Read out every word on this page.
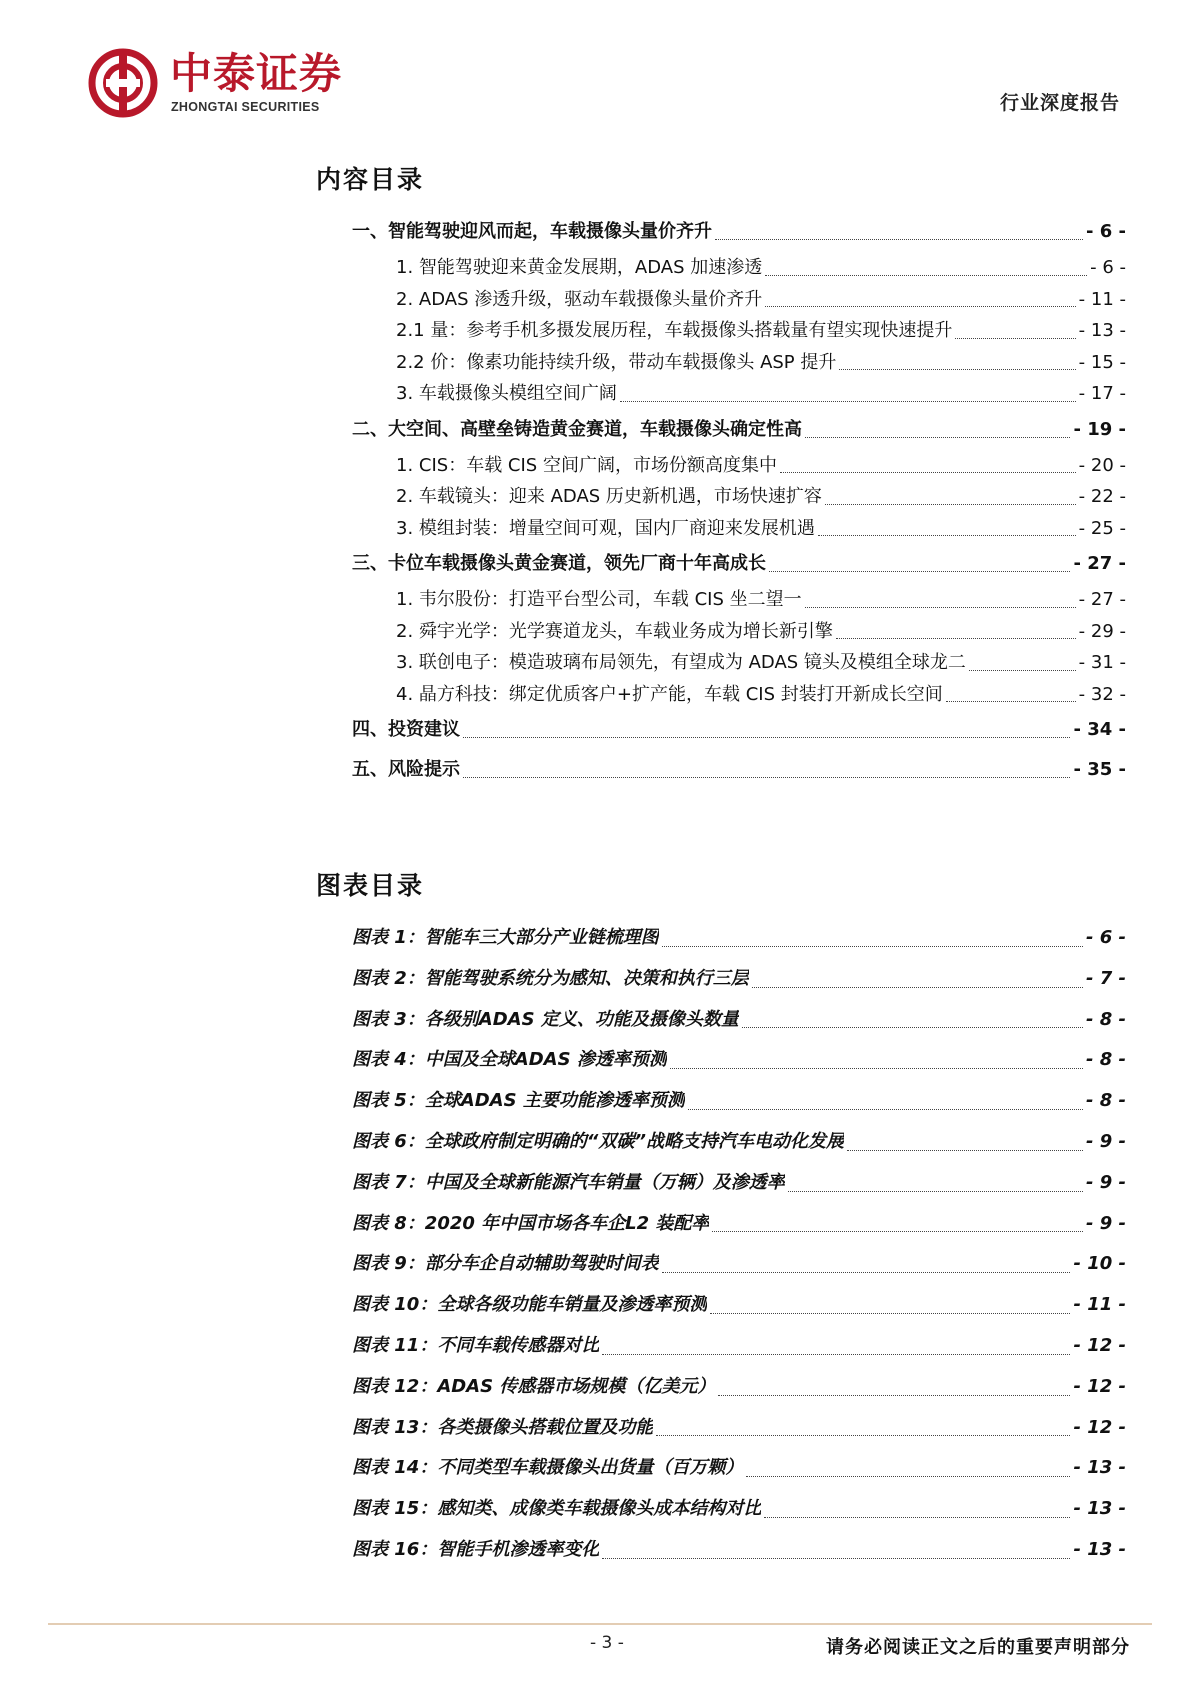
中泰证券
ZHONGTAI SECURITIES	行业深度报告
内容目录
一、智能驾驶迎风而起，车载摄像头量价齐升	- 6 -
1. 智能驾驶迎来黄金发展期，ADAS 加速渗透	- 6 -
2. ADAS 渗透升级，驱动车载摄像头量价齐升	- 11 -
2.1 量：参考手机多摄发展历程，车载摄像头搭载量有望实现快速提升	- 13 -
2.2 价：像素功能持续升级，带动车载摄像头 ASP 提升	- 15 -
3. 车载摄像头模组空间广阔	- 17 -
二、大空间、高壁垒铸造黄金赛道，车载摄像头确定性高	- 19 -
1. CIS：车载 CIS 空间广阔，市场份额高度集中	- 20 -
2. 车载镜头：迎来 ADAS 历史新机遇，市场快速扩容	- 22 -
3. 模组封装：增量空间可观，国内厂商迎来发展机遇	- 25 -
三、卡位车载摄像头黄金赛道，领先厂商十年高成长	- 27 -
1. 韦尔股份：打造平台型公司，车载 CIS 坐二望一	- 27 -
2. 舜宇光学：光学赛道龙头，车载业务成为增长新引擎	- 29 -
3. 联创电子：模造玻璃布局领先，有望成为 ADAS 镜头及模组全球龙二	- 31 -
4. 晶方科技：绑定优质客户+扩产能，车载 CIS 封装打开新成长空间	- 32 -
四、投资建议	- 34 -
五、风险提示	- 35 -
图表目录
图表 1：智能车三大部分产业链梳理图	- 6 -
图表 2：智能驾驶系统分为感知、决策和执行三层	- 7 -
图表 3：各级别ADAS 定义、功能及摄像头数量	- 8 -
图表 4：中国及全球ADAS 渗透率预测	- 8 -
图表 5：全球ADAS 主要功能渗透率预测	- 8 -
图表 6：全球政府制定明确的“双碳”战略支持汽车电动化发展	- 9 -
图表 7：中国及全球新能源汽车销量（万辆）及渗透率	- 9 -
图表 8：2020 年中国市场各车企L2 装配率	- 9 -
图表 9：部分车企自动辅助驾驶时间表	- 10 -
图表 10：全球各级功能车销量及渗透率预测	- 11 -
图表 11：不同车载传感器对比	- 12 -
图表 12：ADAS 传感器市场规模（亿美元）	- 12 -
图表 13：各类摄像头搭载位置及功能	- 12 -
图表 14：不同类型车载摄像头出货量（百万颗）	- 13 -
图表 15：感知类、成像类车载摄像头成本结构对比	- 13 -
图表 16：智能手机渗透率变化	- 13 -
- 3 -	请务必阅读正文之后的重要声明部分
